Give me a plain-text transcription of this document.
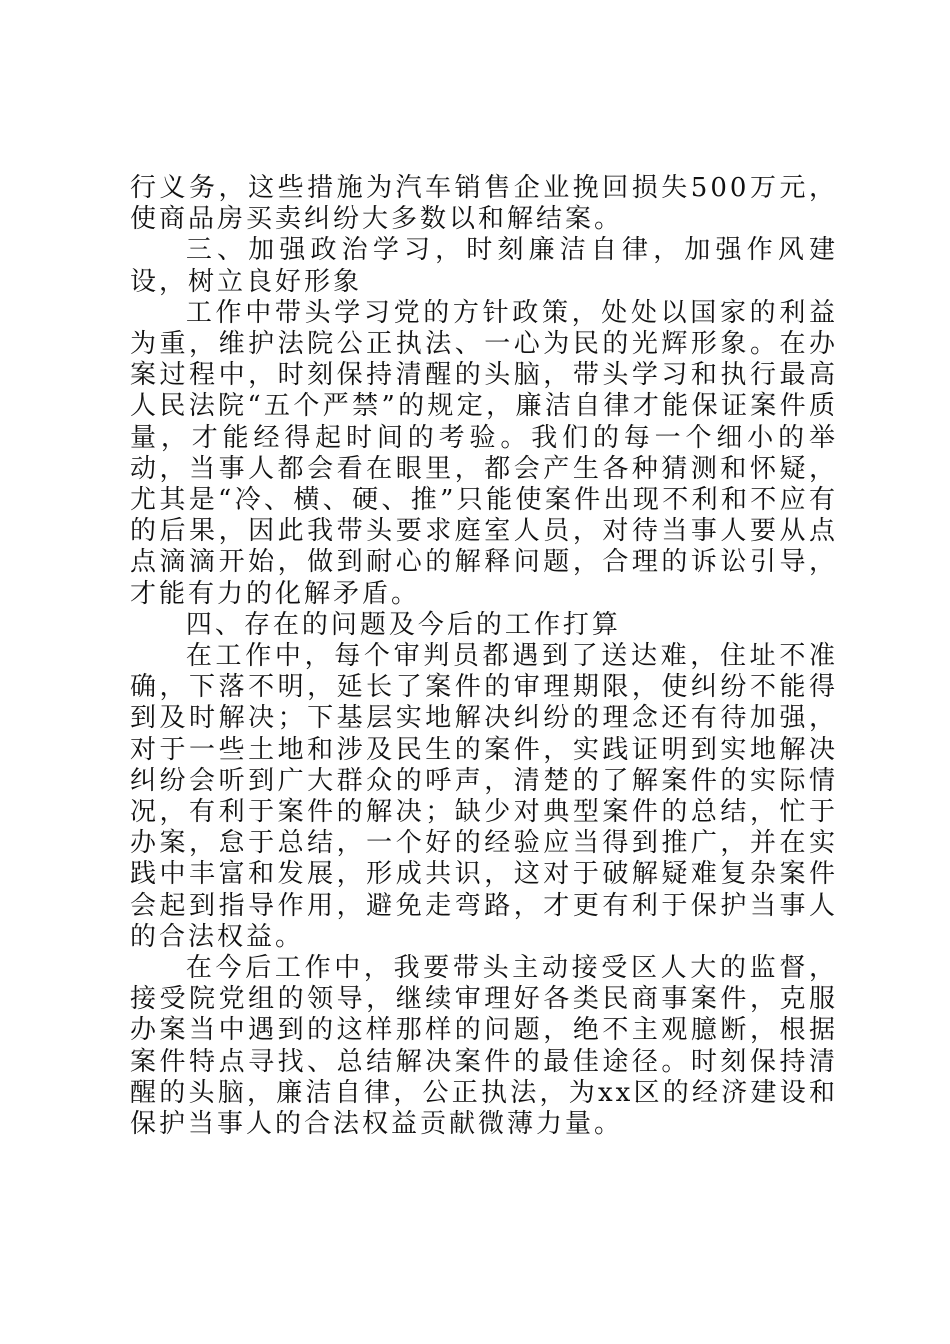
行义务，这些措施为汽车销售企业挽回损失500万元，使商品房买卖纠纷大多数以和解结案。

三、加强政治学习，时刻廉洁自律，加强作风建设，树立良好形象

工作中带头学习党的方针政策，处处以国家的利益为重，维护法院公正执法、一心为民的光辉形象。在办案过程中，时刻保持清醒的头脑，带头学习和执行最高人民法院“五个严禁”的规定，廉洁自律才能保证案件质量，才能经得起时间的考验。我们的每一个细小的举动，当事人都会看在眼里，都会产生各种猜测和怀疑，尤其是“冷、横、硬、推”只能使案件出现不利和不应有的后果，因此我带头要求庭室人员，对待当事人要从点点滴滴开始，做到耐心的解释问题，合理的诉讼引导，才能有力的化解矛盾。

四、存在的问题及今后的工作打算

在工作中，每个审判员都遇到了送达难，住址不准确，下落不明，延长了案件的审理期限，使纠纷不能得到及时解决；下基层实地解决纠纷的理念还有待加强，对于一些土地和涉及民生的案件，实践证明到实地解决纠纷会听到广大群众的呼声，清楚的了解案件的实际情况，有利于案件的解决；缺少对典型案件的总结，忙于办案，怠于总结，一个好的经验应当得到推广，并在实践中丰富和发展，形成共识，这对于破解疑难复杂案件会起到指导作用，避免走弯路，才更有利于保护当事人的合法权益。

在今后工作中，我要带头主动接受区人大的监督，接受院党组的领导，继续审理好各类民商事案件，克服办案当中遇到的这样那样的问题，绝不主观臆断，根据案件特点寻找、总结解决案件的最佳途径。时刻保持清醒的头脑，廉洁自律，公正执法，为xx区的经济建设和保护当事人的合法权益贡献微薄力量。
